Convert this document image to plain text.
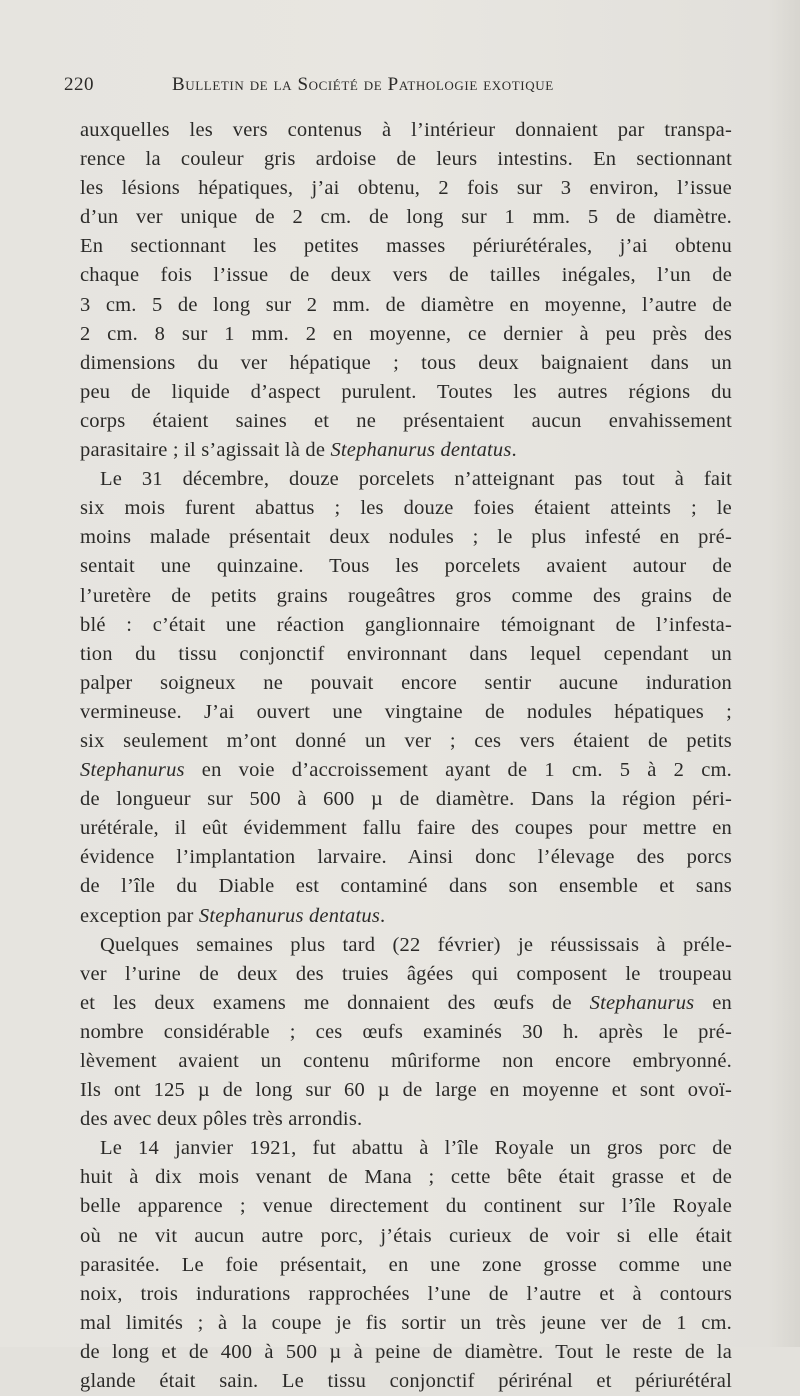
220	Bulletin de la Société de Pathologie exotique
auxquelles les vers contenus à l’intérieur donnaient par transpa-
rence la couleur gris ardoise de leurs intestins. En sectionnant
les lésions hépatiques, j’ai obtenu, 2 fois sur 3 environ, l’issue
d’un ver unique de 2 cm. de long sur 1 mm. 5 de diamètre.
En sectionnant les petites masses périurétérales, j’ai obtenu
chaque fois l’issue de deux vers de tailles inégales, l’un de
3 cm. 5 de long sur 2 mm. de diamètre en moyenne, l’autre de
2 cm. 8 sur 1 mm. 2 en moyenne, ce dernier à peu près des
dimensions du ver hépatique ; tous deux baignaient dans un
peu de liquide d’aspect purulent. Toutes les autres régions du
corps étaient saines et ne présentaient aucun envahissement
parasitaire ; il s’agissait là de Stephanurus dentatus.
Le 31 décembre, douze porcelets n’atteignant pas tout à fait
six mois furent abattus ; les douze foies étaient atteints ; le
moins malade présentait deux nodules ; le plus infesté en pré-
sentait une quinzaine. Tous les porcelets avaient autour de
l’uretère de petits grains rougeâtres gros comme des grains de
blé : c’était une réaction ganglionnaire témoignant de l’infesta-
tion du tissu conjonctif environnant dans lequel cependant un
palper soigneux ne pouvait encore sentir aucune induration
vermineuse. J’ai ouvert une vingtaine de nodules hépatiques ;
six seulement m’ont donné un ver ; ces vers étaient de petits
Stephanurus en voie d’accroissement ayant de 1 cm. 5 à 2 cm.
de longueur sur 500 à 600 µ de diamètre. Dans la région péri-
urétérale, il eût évidemment fallu faire des coupes pour mettre en
évidence l’implantation larvaire. Ainsi donc l’élevage des porcs
de l’île du Diable est contaminé dans son ensemble et sans
exception par Stephanurus dentatus.
Quelques semaines plus tard (22 février) je réussissais à préle-
ver l’urine de deux des truies âgées qui composent le troupeau
et les deux examens me donnaient des œufs de Stephanurus en
nombre considérable ; ces œufs examinés 30 h. après le pré-
lèvement avaient un contenu mûriforme non encore embryonné.
Ils ont 125 µ de long sur 60 µ de large en moyenne et sont ovoï-
des avec deux pôles très arrondis.
Le 14 janvier 1921, fut abattu à l’île Royale un gros porc de
huit à dix mois venant de Mana ; cette bête était grasse et de
belle apparence ; venue directement du continent sur l’île Royale
où ne vit aucun autre porc, j’étais curieux de voir si elle était
parasitée. Le foie présentait, en une zone grosse comme une
noix, trois indurations rapprochées l’une de l’autre et à contours
mal limités ; à la coupe je fis sortir un très jeune ver de 1 cm.
de long et de 400 à 500 µ à peine de diamètre. Tout le reste de la
glande était sain. Le tissu conjonctif périrénal et périurétéral
